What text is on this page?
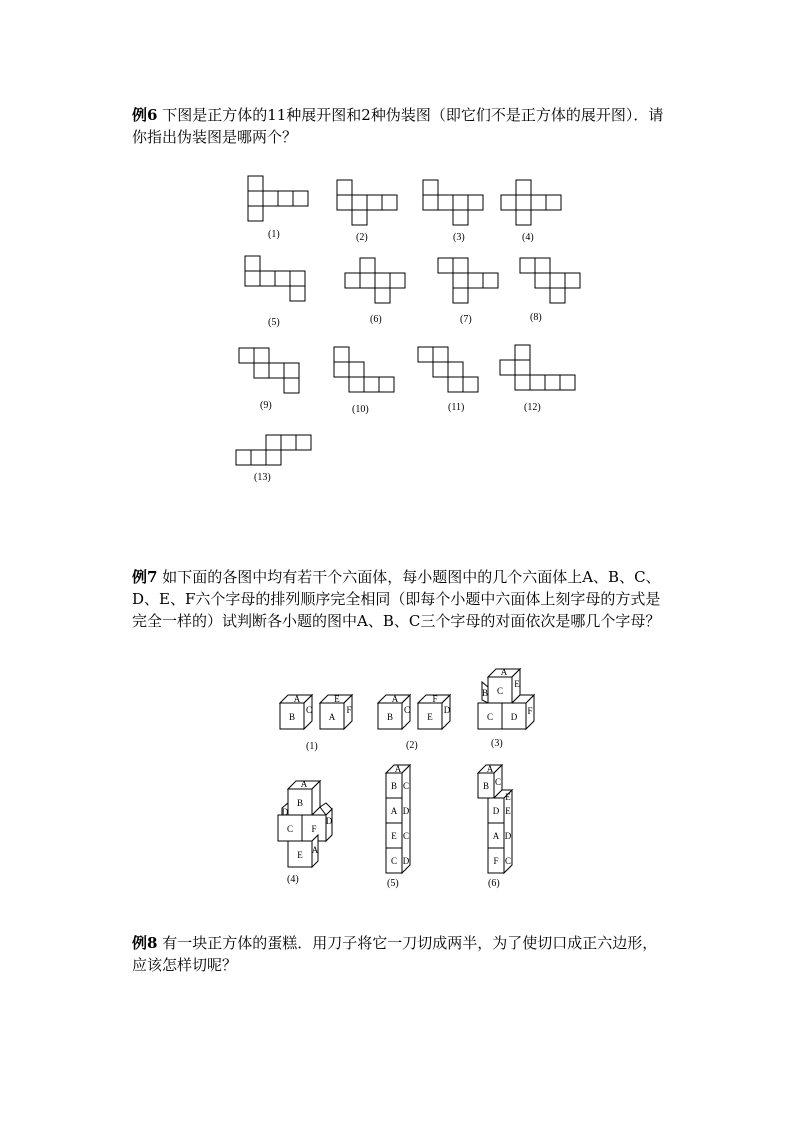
例6 下图是正方体的11种展开图和2种伪装图（即它们不是正方体的展开图）．请你指出伪装图是哪两个？
(1)	(2)	(3)	(4)
(5)	(6)	(7)	(8)
(9)	(10)	(11)	(12)
(13)
例7 如下面的各图中均有若干个六面体，每小题图中的几个六面体上A、B、C、D、E、F六个字母的排列顺序完全相同（即每个小题中六面体上刻字母的方式是完全一样的）试判断各小题的图中A、B、C三个字母的对面依次是哪几个字母？
B
A
C
A
E
F
B
A
C
E
F
D
C
A
E
B
C D
F
A
B
D
C F
D
E A
A
B
A
E
C
C
D
C
D
A
B C
D
A
F
E
E
D
C
(1)	(2)	(3)
(4)	(5)	(6)
例8 有一块正方体的蛋糕．用刀子将它一刀切成两半，为了使切口成正六边形，应该怎样切呢？
